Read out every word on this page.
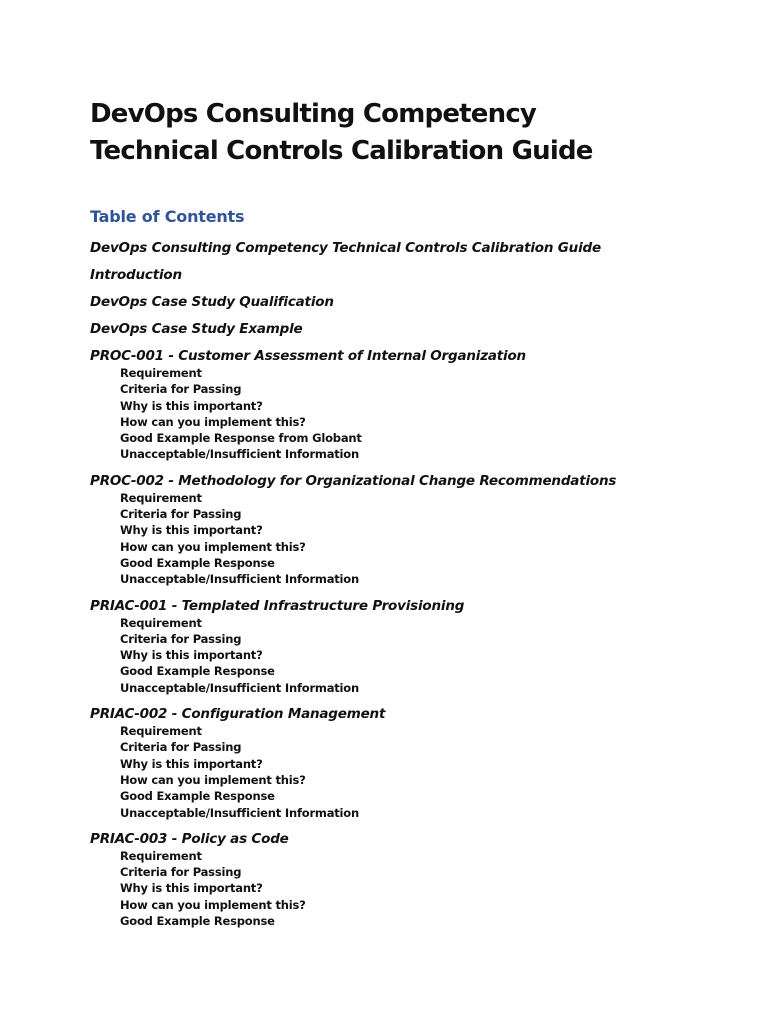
DevOps Consulting Competency
Technical Controls Calibration Guide
Table of Contents

DevOps Consulting Competency Technical Controls Calibration Guide

Introduction

DevOps Case Study Qualification

DevOps Case Study Example

PROC-001 - Customer Assessment of Internal Organization
Requirement
Criteria for Passing
Why is this important?
How can you implement this?
Good Example Response from Globant
Unacceptable/Insufficient Information
PROC-002 - Methodology for Organizational Change Recommendations
Requirement
Criteria for Passing
Why is this important?
How can you implement this?
Good Example Response
Unacceptable/Insufficient Information
PRIAC-001 - Templated Infrastructure Provisioning
Requirement
Criteria for Passing
Why is this important?
Good Example Response
Unacceptable/Insufficient Information
PRIAC-002 - Configuration Management
Requirement
Criteria for Passing
Why is this important?
How can you implement this?
Good Example Response
Unacceptable/Insufficient Information
PRIAC-003 - Policy as Code
Requirement
Criteria for Passing
Why is this important?
How can you implement this?
Good Example Response
